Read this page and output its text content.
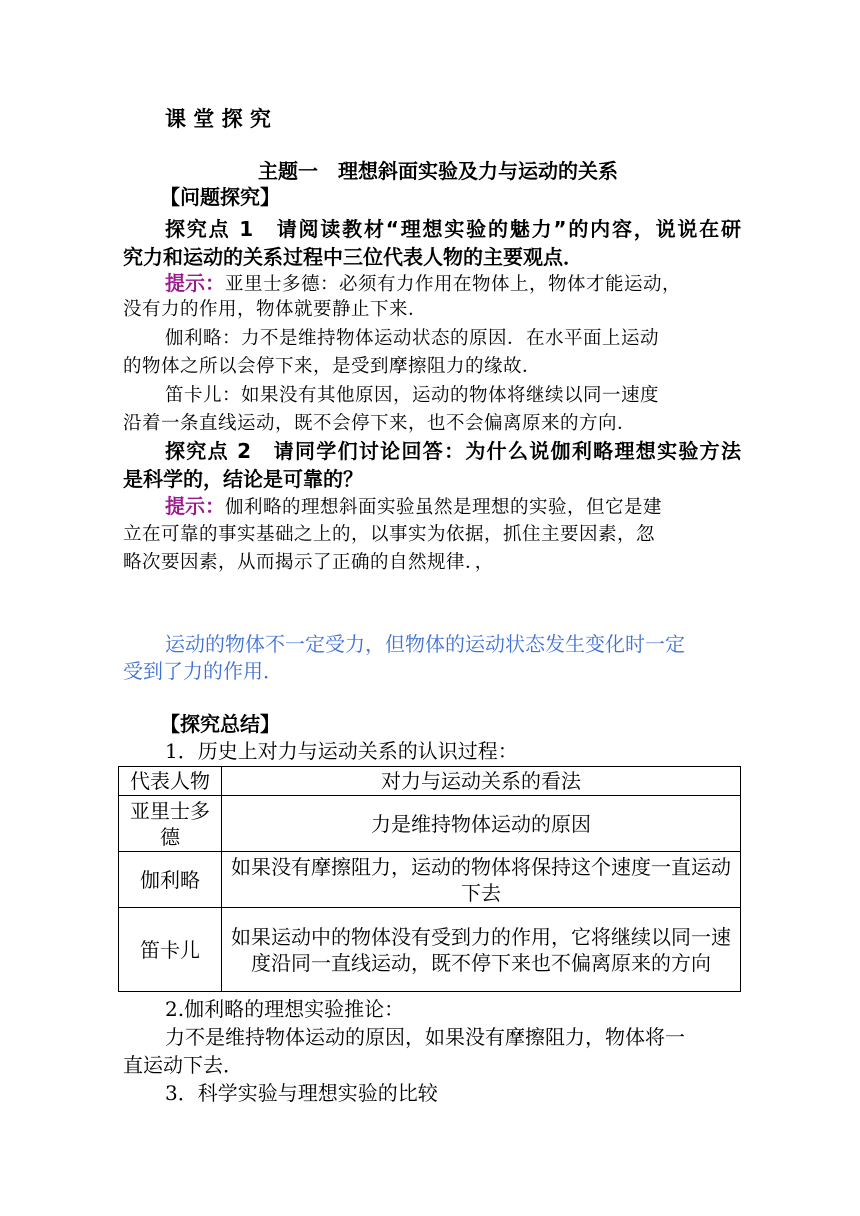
课 堂 探 究
主题一　理想斜面实验及力与运动的关系
【问题探究】
探究点 1　请阅读教材“理想实验的魅力”的内容，说说在研
究力和运动的关系过程中三位代表人物的主要观点．
提示：亚里士多德：必须有力作用在物体上，物体才能运动，
没有力的作用，物体就要静止下来．
伽利略：力不是维持物体运动状态的原因．在水平面上运动
的物体之所以会停下来，是受到摩擦阻力的缘故．
笛卡儿：如果没有其他原因，运动的物体将继续以同一速度
沿着一条直线运动，既不会停下来，也不会偏离原来的方向．
探究点 2　请同学们讨论回答：为什么说伽利略理想实验方法
是科学的，结论是可靠的？
提示：伽利略的理想斜面实验虽然是理想的实验，但它是建
立在可靠的事实基础之上的，以事实为依据，抓住主要因素，忽
略次要因素，从而揭示了正确的自然规律．，
运动的物体不一定受力，但物体的运动状态发生变化时一定
受到了力的作用．
【探究总结】
1．历史上对力与运动关系的认识过程：
代表人物	对力与运动关系的看法
亚里士多德	力是维持物体运动的原因
伽利略	如果没有摩擦阻力，运动的物体将保持这个速度一直运动下去
笛卡儿	如果运动中的物体没有受到力的作用，它将继续以同一速度沿同一直线运动，既不停下来也不偏离原来的方向
2.伽利略的理想实验推论：
力不是维持物体运动的原因，如果没有摩擦阻力，物体将一
直运动下去．
3．科学实验与理想实验的比较
